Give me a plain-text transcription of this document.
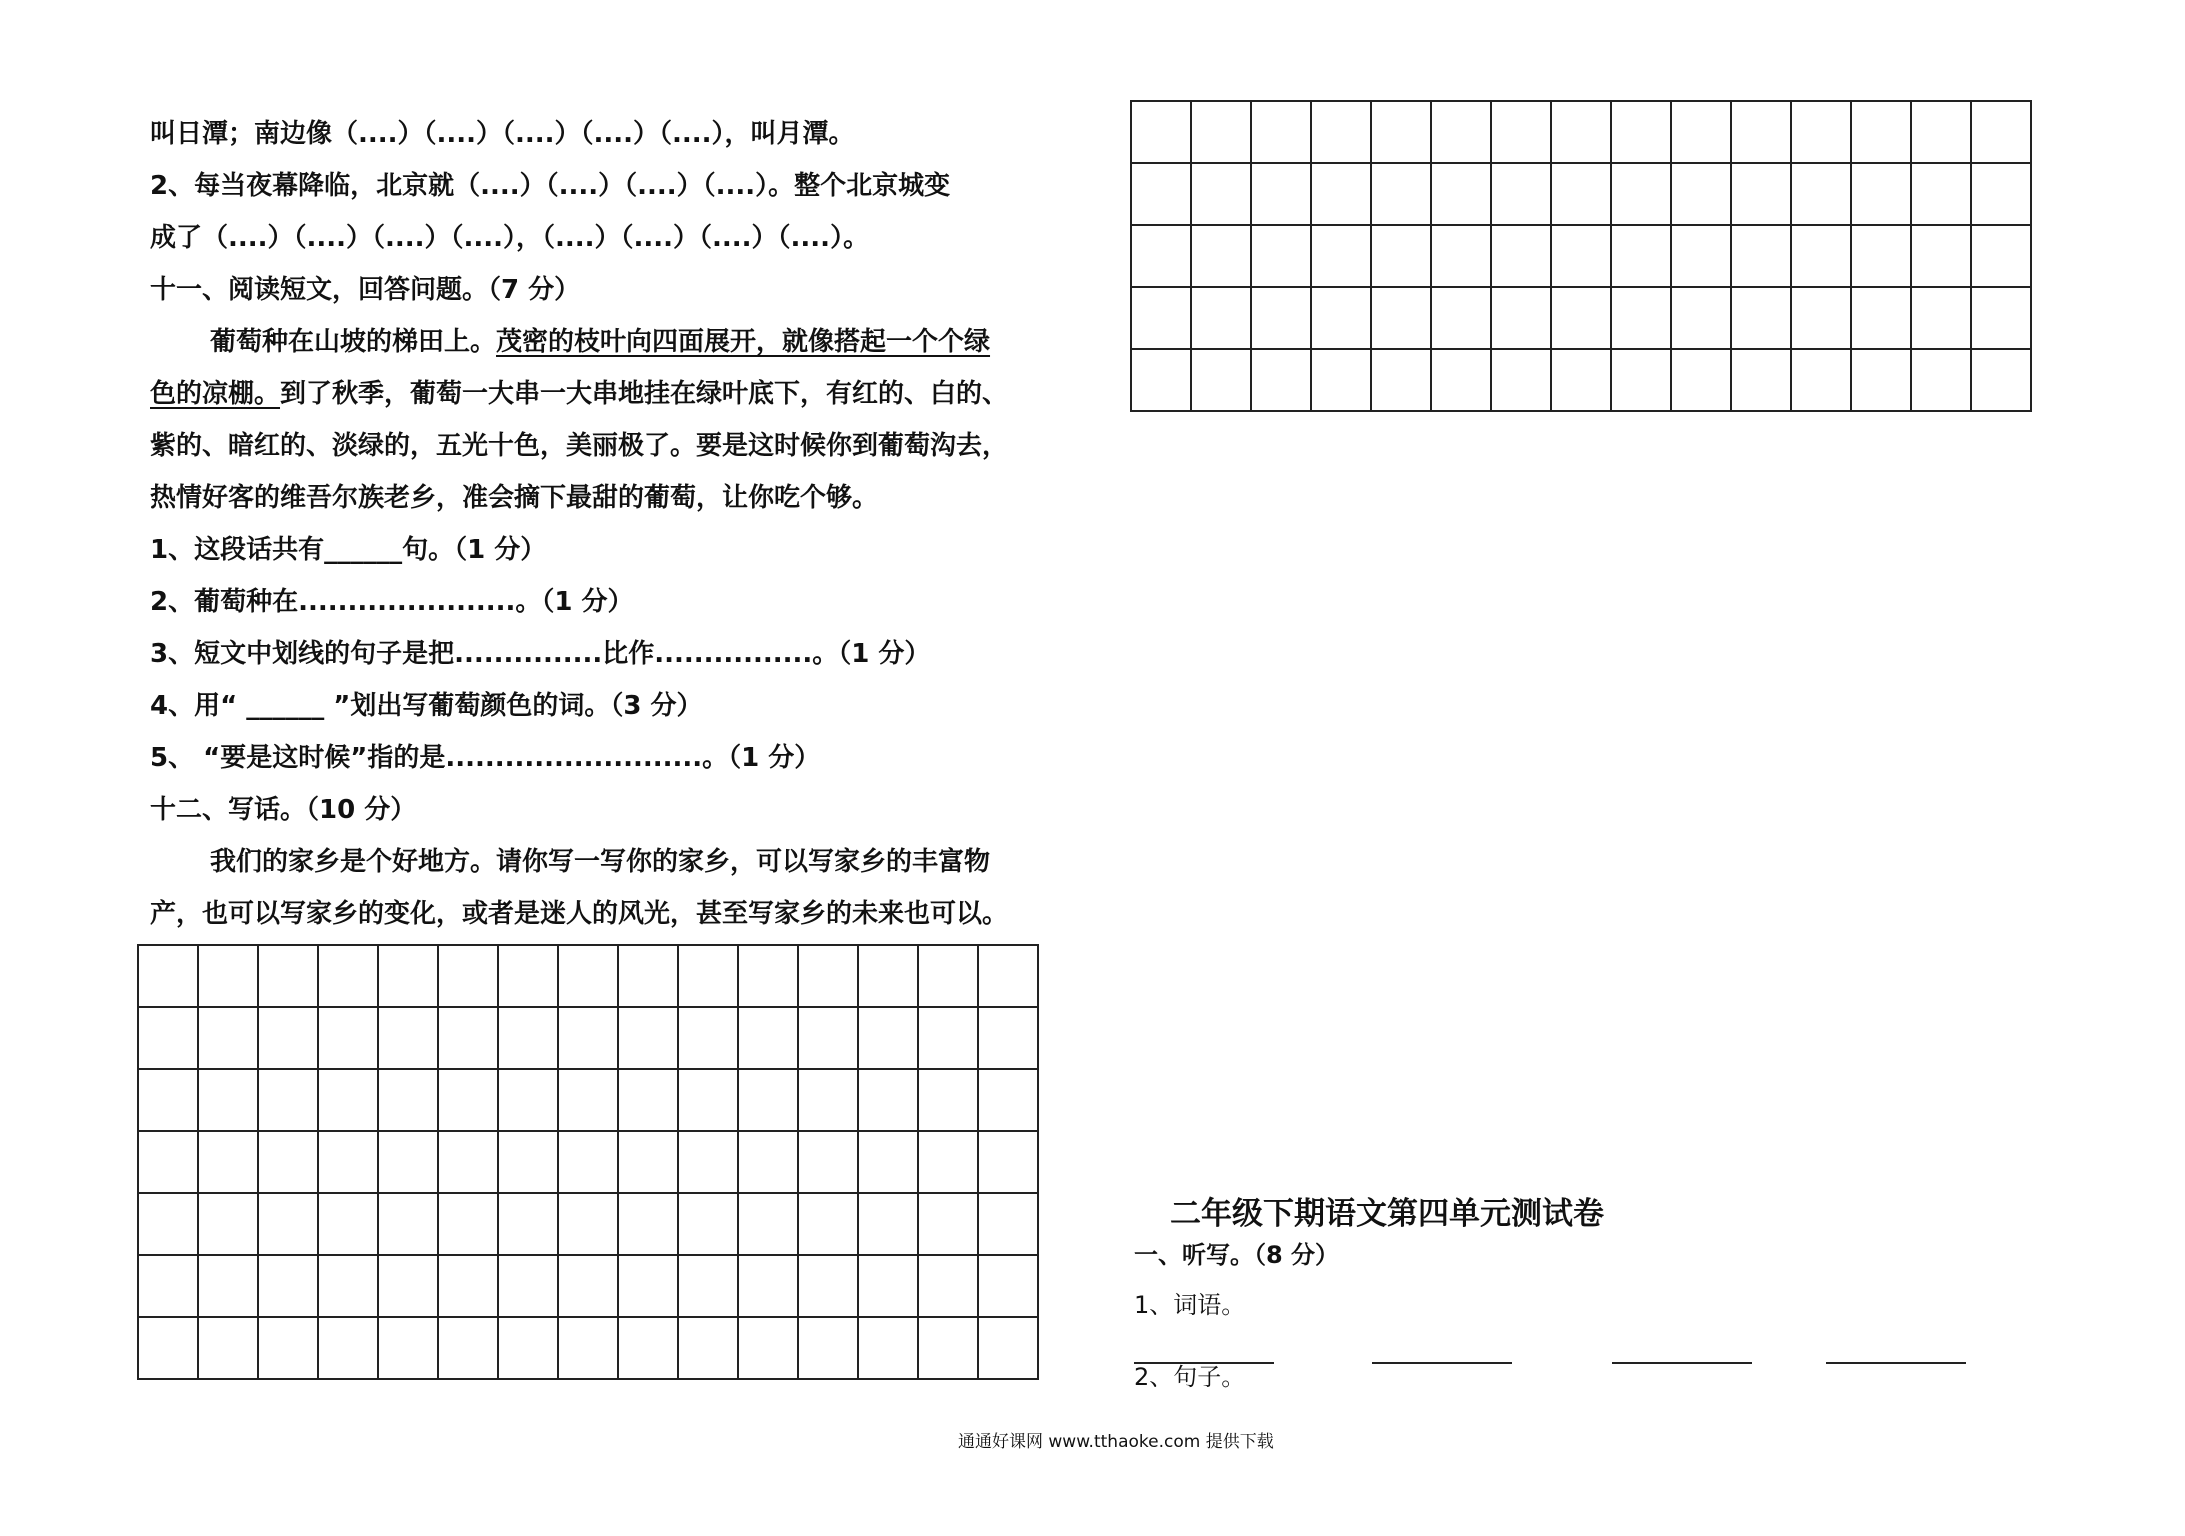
叫日潭；南边像（....）（....）（....）（....）（....），叫月潭。
2、每当夜幕降临，北京就（....）（....）（....）（....）。整个北京城变
成了（....）（....）（....）（....），（....）（....）（....）（....）。
十一、阅读短文，回答问题。（7 分）
葡萄种在山坡的梯田上。茂密的枝叶向四面展开，就像搭起一个个绿
色的凉棚。到了秋季，葡萄一大串一大串地挂在绿叶底下，有红的、白的、
紫的、暗红的、淡绿的，五光十色，美丽极了。要是这时候你到葡萄沟去，
热情好客的维吾尔族老乡，准会摘下最甜的葡萄，让你吃个够。
1、这段话共有______句。（1 分）
2、葡萄种在......................。（1 分）
3、短文中划线的句子是把...............比作................。（1 分）
4、用“ ______ ”划出写葡萄颜色的词。（3 分）
5、 “要是这时候”指的是..........................。（1 分）
十二、写话。（10 分）
我们的家乡是个好地方。请你写一写你的家乡，可以写家乡的丰富物
产，也可以写家乡的变化，或者是迷人的风光，甚至写家乡的未来也可以。
二年级下期语文第四单元测试卷
一、听写。（8 分）
1、词语。
2、句子。
通通好课网 www.tthaoke.com 提供下载
